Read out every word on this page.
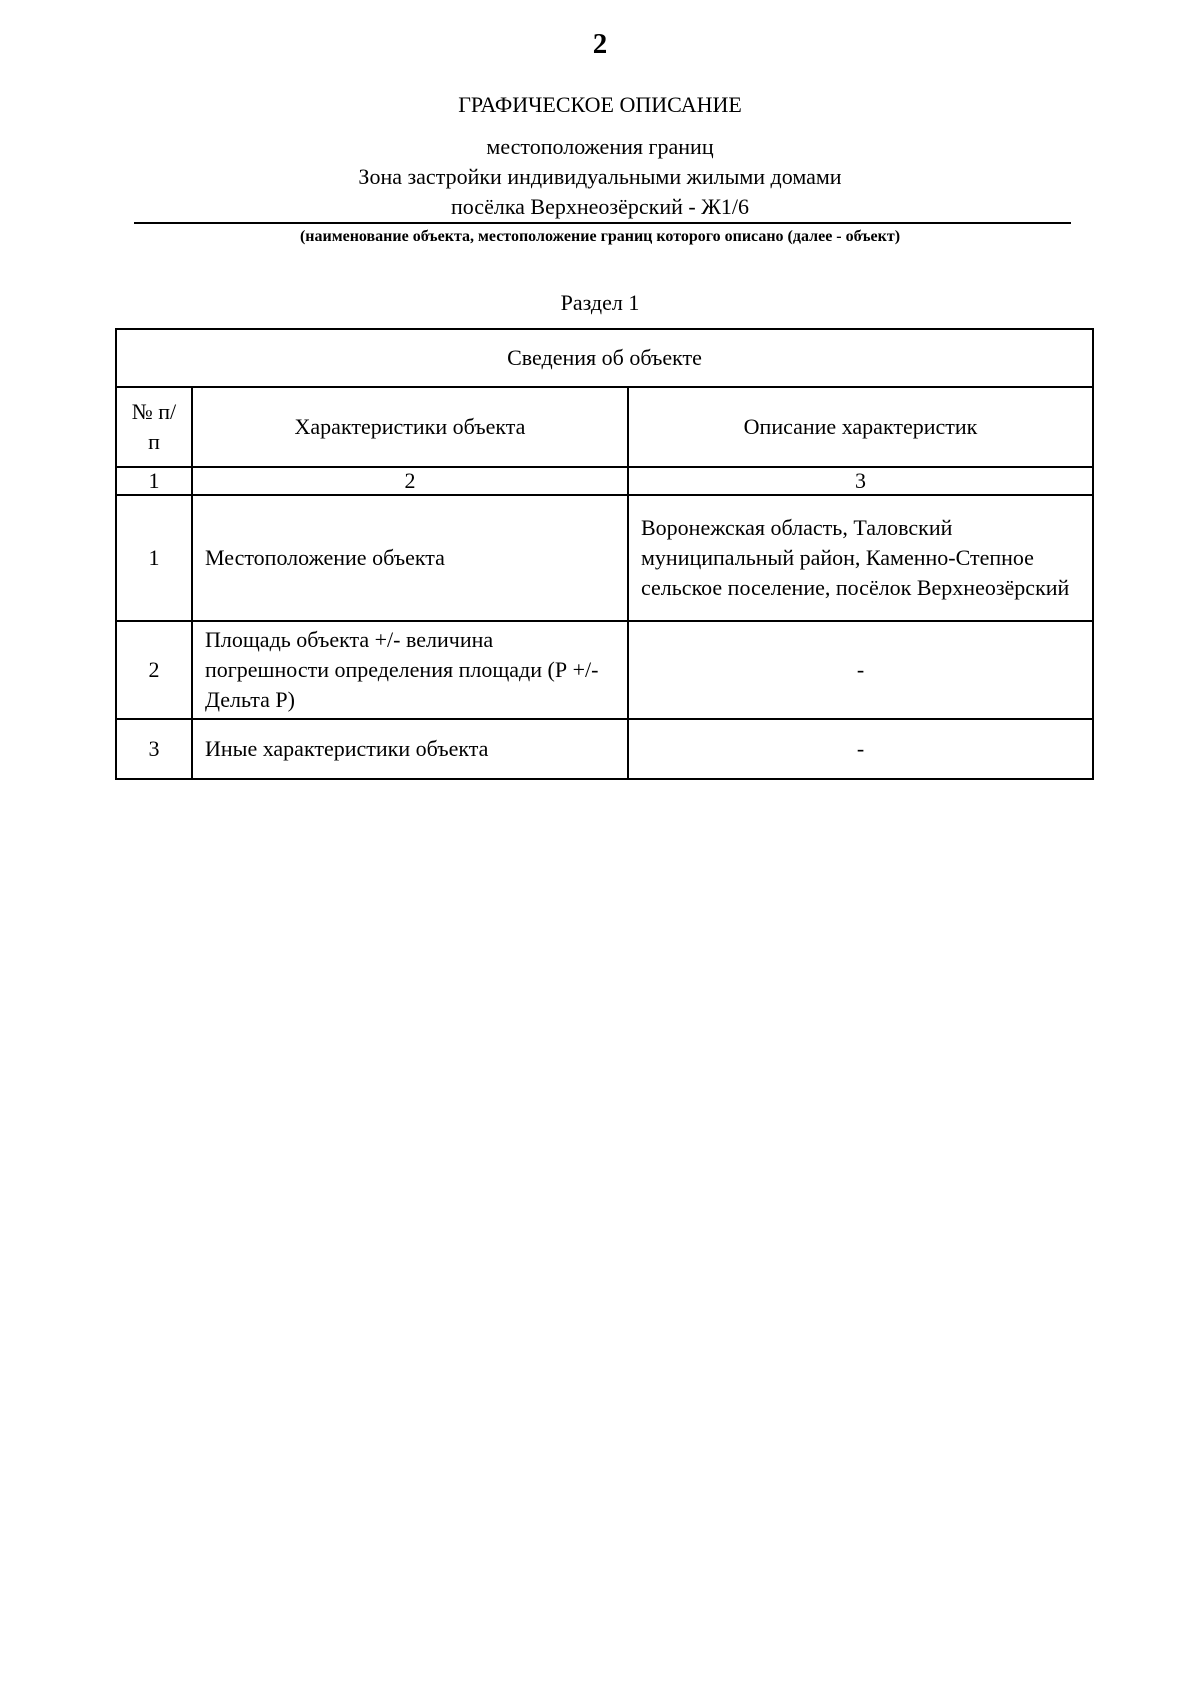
2
ГРАФИЧЕСКОЕ ОПИСАНИЕ
местоположения границ
Зона застройки индивидуальными жилыми домами
посёлка Верхнеозёрский - Ж1/6
(наименование объекта, местоположение границ которого описано (далее - объект)
Раздел 1
Сведения об объекте		
№ п/п	Характеристики объекта	Описание характеристик
1	2	3
1	Местоположение объекта	Воронежская область, Таловский муниципальный район, Каменно-Степное сельское поселение, посёлок Верхнеозёрский
2	Площадь объекта +/- величина погрешности определения площади (Р +/- Дельта Р)	-
3	Иные характеристики объекта	-
